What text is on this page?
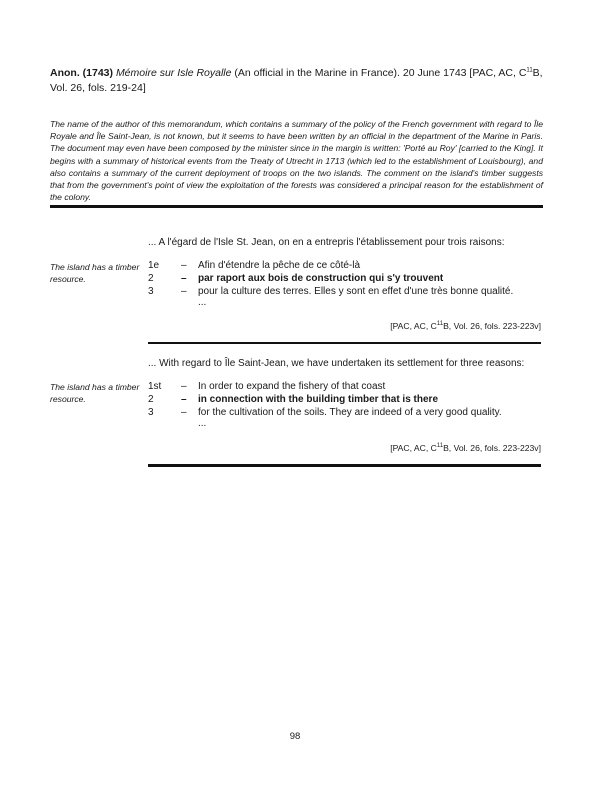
Anon. (1743) Mémoire sur Isle Royalle (An official in the Marine in France). 20 June 1743 [PAC, AC, $C^{11}B$, Vol. 26, fols. 219-24]
The name of the author of this memorandum, which contains a summary of the policy of the French government with regard to Île Royale and Île Saint-Jean, is not known, but it seems to have been written by an official in the department of the Marine in Paris. The document may even have been composed by the minister since in the margin is written: 'Porté au Roy' [carried to the King]. It begins with a summary of historical events from the Treaty of Utrecht in 1713 (which led to the establishment of Louisbourg), and also contains a summary of the current deployment of troops on the two islands. The comment on the island's timber suggests that from the government's point of view the exploitation of the forests was considered a principal reason for the establishment of the colony.
... A l'égard de l'Isle St. Jean, on en a entrepris l'établissement pour trois raisons:
The island has a timber resource.
1e – Afin d'étendre la pêche de ce côté-là
2	– par raport aux bois de construction qui s'y trouvent
3	– pour la culture des terres. Elles y sont en effet d'une très bonne qualité.
...
[PAC, AC, $C^{11}B$, Vol. 26, fols. 223-223v]
... With regard to Île Saint-Jean, we have undertaken its settlement for three reasons:
The island has a timber resource.
1st – In order to expand the fishery of that coast
2	– in connection with the building timber that is there
3	– for the cultivation of the soils. They are indeed of a very good quality.
...
[PAC, AC, $C^{11}B$, Vol. 26, fols. 223-223v]
98
